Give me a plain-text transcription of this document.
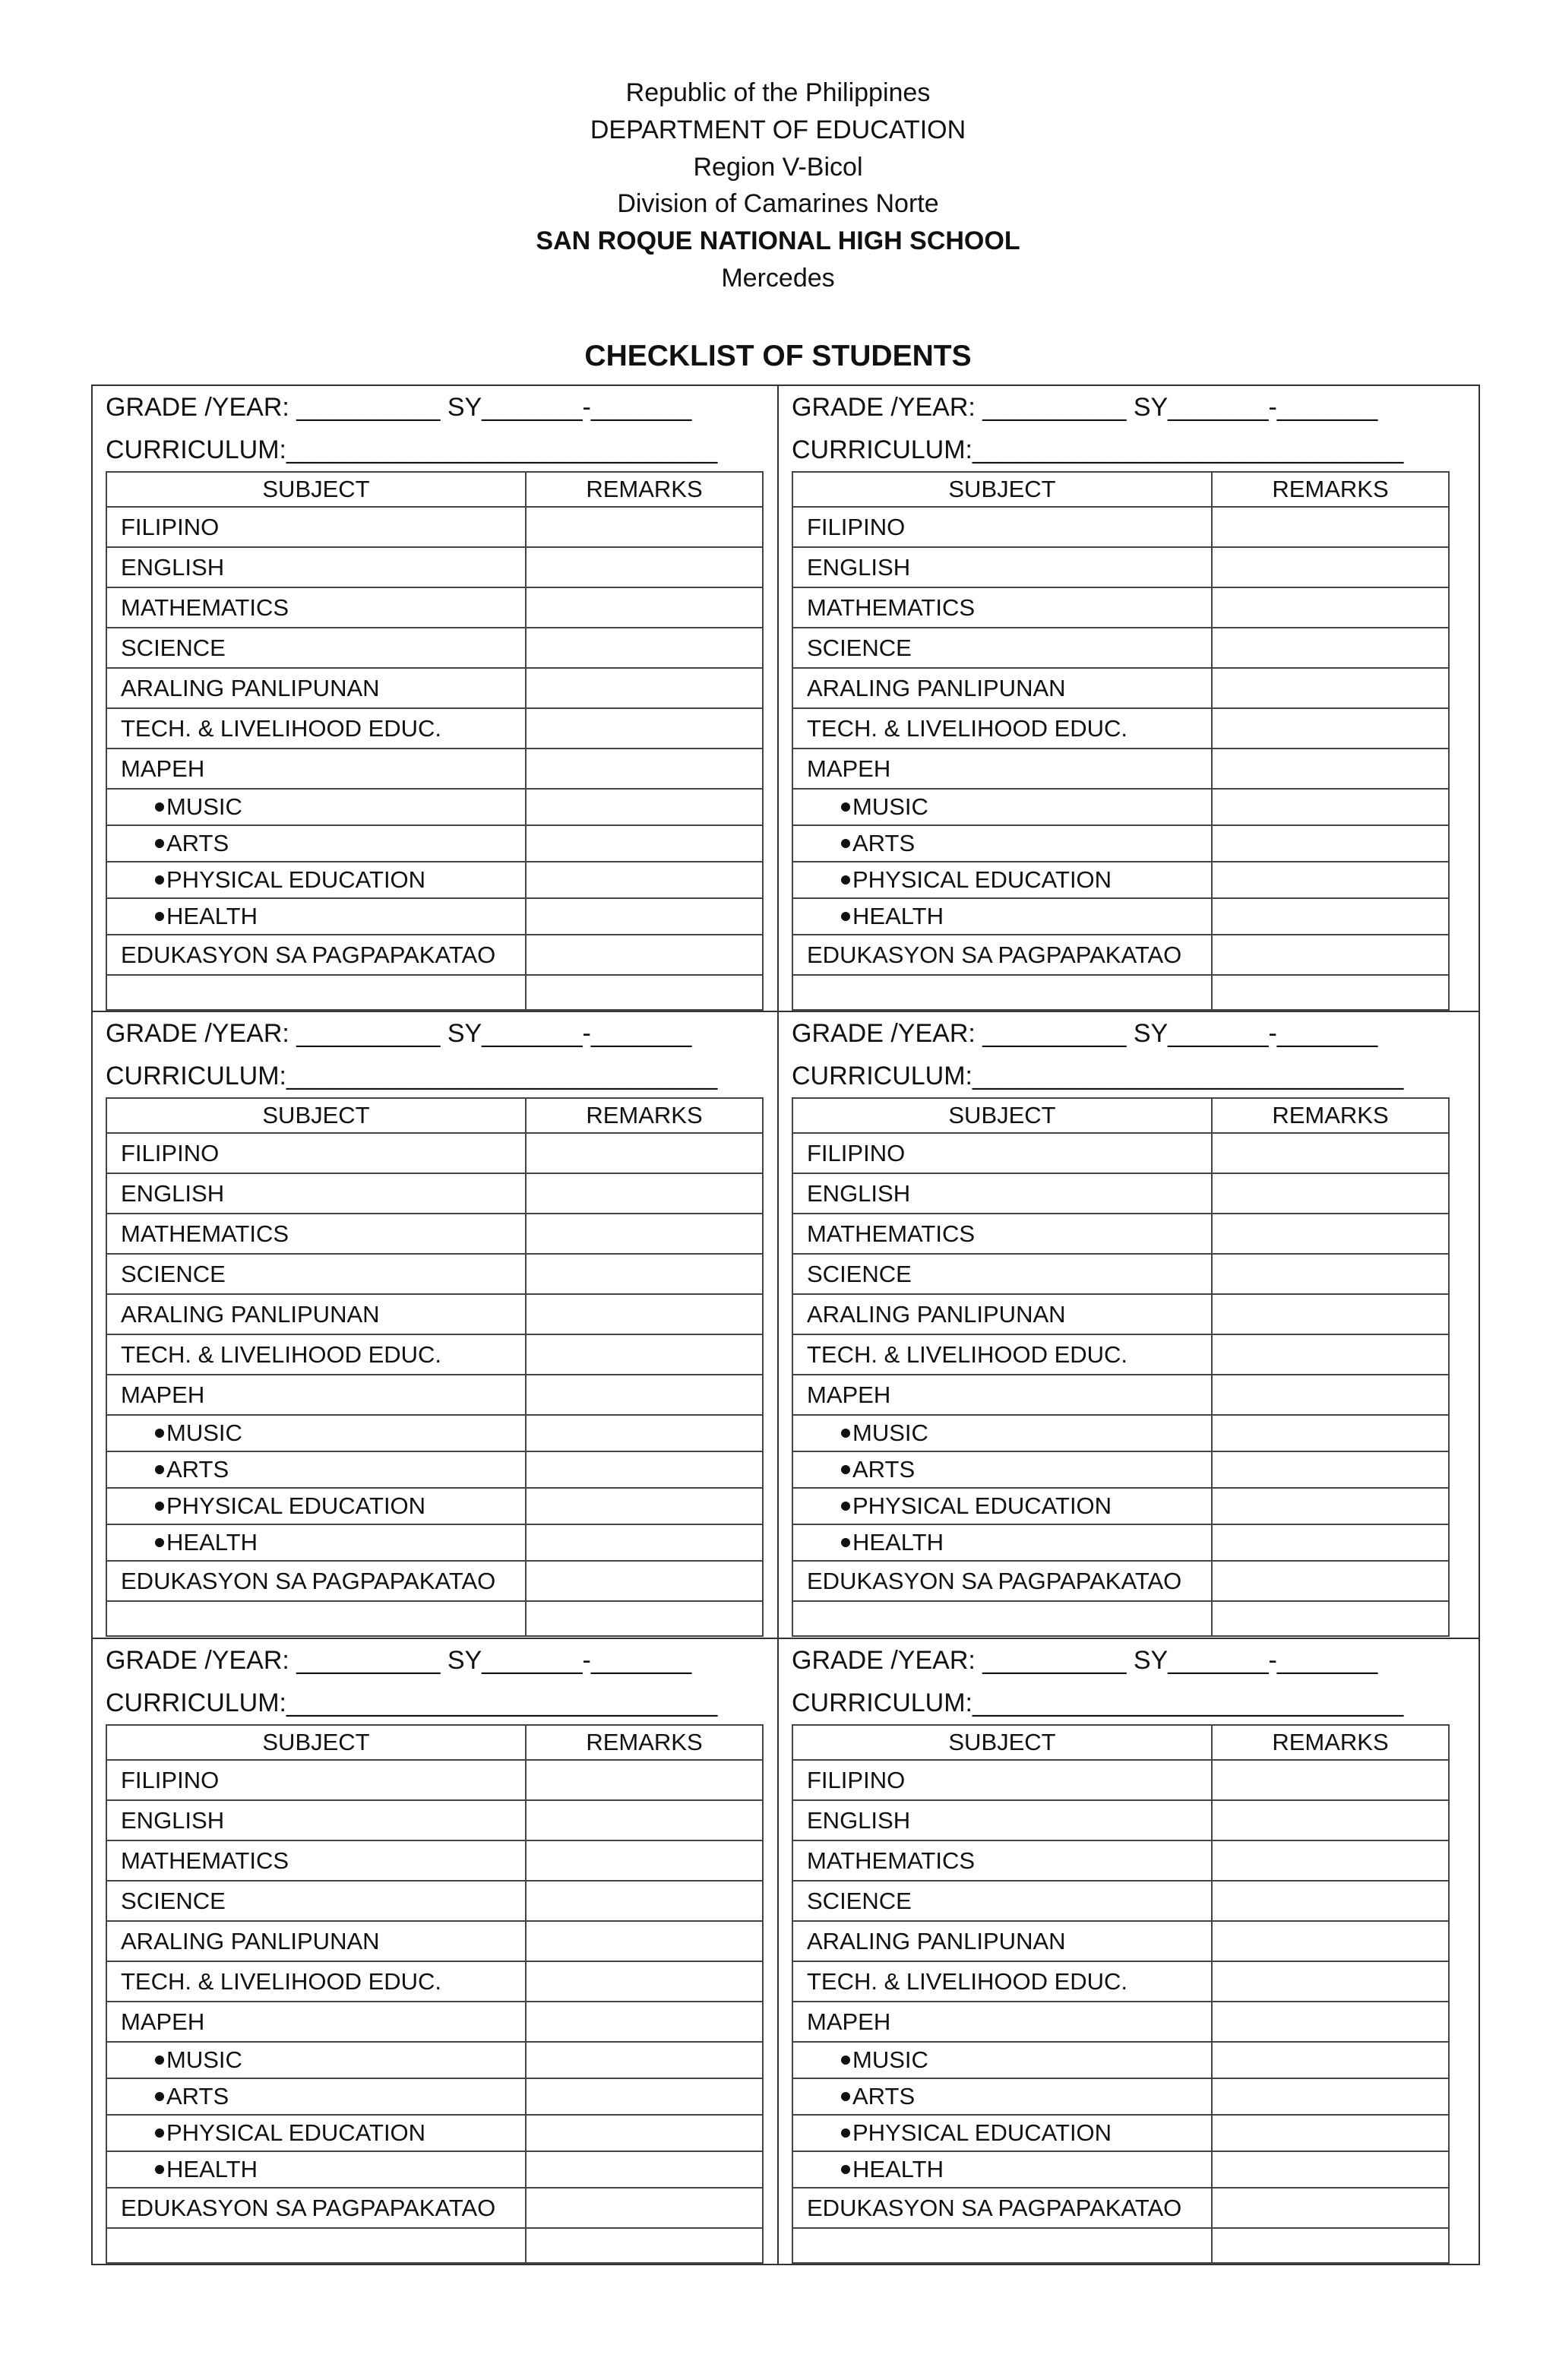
Republic of the Philippines
DEPARTMENT OF EDUCATION
Region V-Bicol
Division of Camarines Norte
SAN ROQUE NATIONAL HIGH SCHOOL
Mercedes
CHECKLIST OF STUDENTS
GRADE /YEAR: __________ SY_______-_______
CURRICULUM:______________________________
SUBJECT	REMARKS
FILIPINO	
ENGLISH	
MATHEMATICS	
SCIENCE	
ARALING PANLIPUNAN	
TECH. & LIVELIHOOD EDUC.	
MAPEH	
MUSIC	
ARTS	
PHYSICAL EDUCATION	
HEALTH	
EDUKASYON SA PAGPAPAKATAO	

GRADE /YEAR: __________ SY_______-_______
CURRICULUM:______________________________
SUBJECT	REMARKS
FILIPINO	
ENGLISH	
MATHEMATICS	
SCIENCE	
ARALING PANLIPUNAN	
TECH. & LIVELIHOOD EDUC.	
MAPEH	
MUSIC	
ARTS	
PHYSICAL EDUCATION	
HEALTH	
EDUKASYON SA PAGPAPAKATAO	

GRADE /YEAR: __________ SY_______-_______
CURRICULUM:______________________________
SUBJECT	REMARKS
FILIPINO	
ENGLISH	
MATHEMATICS	
SCIENCE	
ARALING PANLIPUNAN	
TECH. & LIVELIHOOD EDUC.	
MAPEH	
MUSIC	
ARTS	
PHYSICAL EDUCATION	
HEALTH	
EDUKASYON SA PAGPAPAKATAO	

GRADE /YEAR: __________ SY_______-_______
CURRICULUM:______________________________
SUBJECT	REMARKS
FILIPINO	
ENGLISH	
MATHEMATICS	
SCIENCE	
ARALING PANLIPUNAN	
TECH. & LIVELIHOOD EDUC.	
MAPEH	
MUSIC	
ARTS	
PHYSICAL EDUCATION	
HEALTH	
EDUKASYON SA PAGPAPAKATAO	

GRADE /YEAR: __________ SY_______-_______
CURRICULUM:______________________________
SUBJECT	REMARKS
FILIPINO	
ENGLISH	
MATHEMATICS	
SCIENCE	
ARALING PANLIPUNAN	
TECH. & LIVELIHOOD EDUC.	
MAPEH	
MUSIC	
ARTS	
PHYSICAL EDUCATION	
HEALTH	
EDUKASYON SA PAGPAPAKATAO	

GRADE /YEAR: __________ SY_______-_______
CURRICULUM:______________________________
SUBJECT	REMARKS
FILIPINO	
ENGLISH	
MATHEMATICS	
SCIENCE	
ARALING PANLIPUNAN	
TECH. & LIVELIHOOD EDUC.	
MAPEH	
MUSIC	
ARTS	
PHYSICAL EDUCATION	
HEALTH	
EDUKASYON SA PAGPAPAKATAO	
